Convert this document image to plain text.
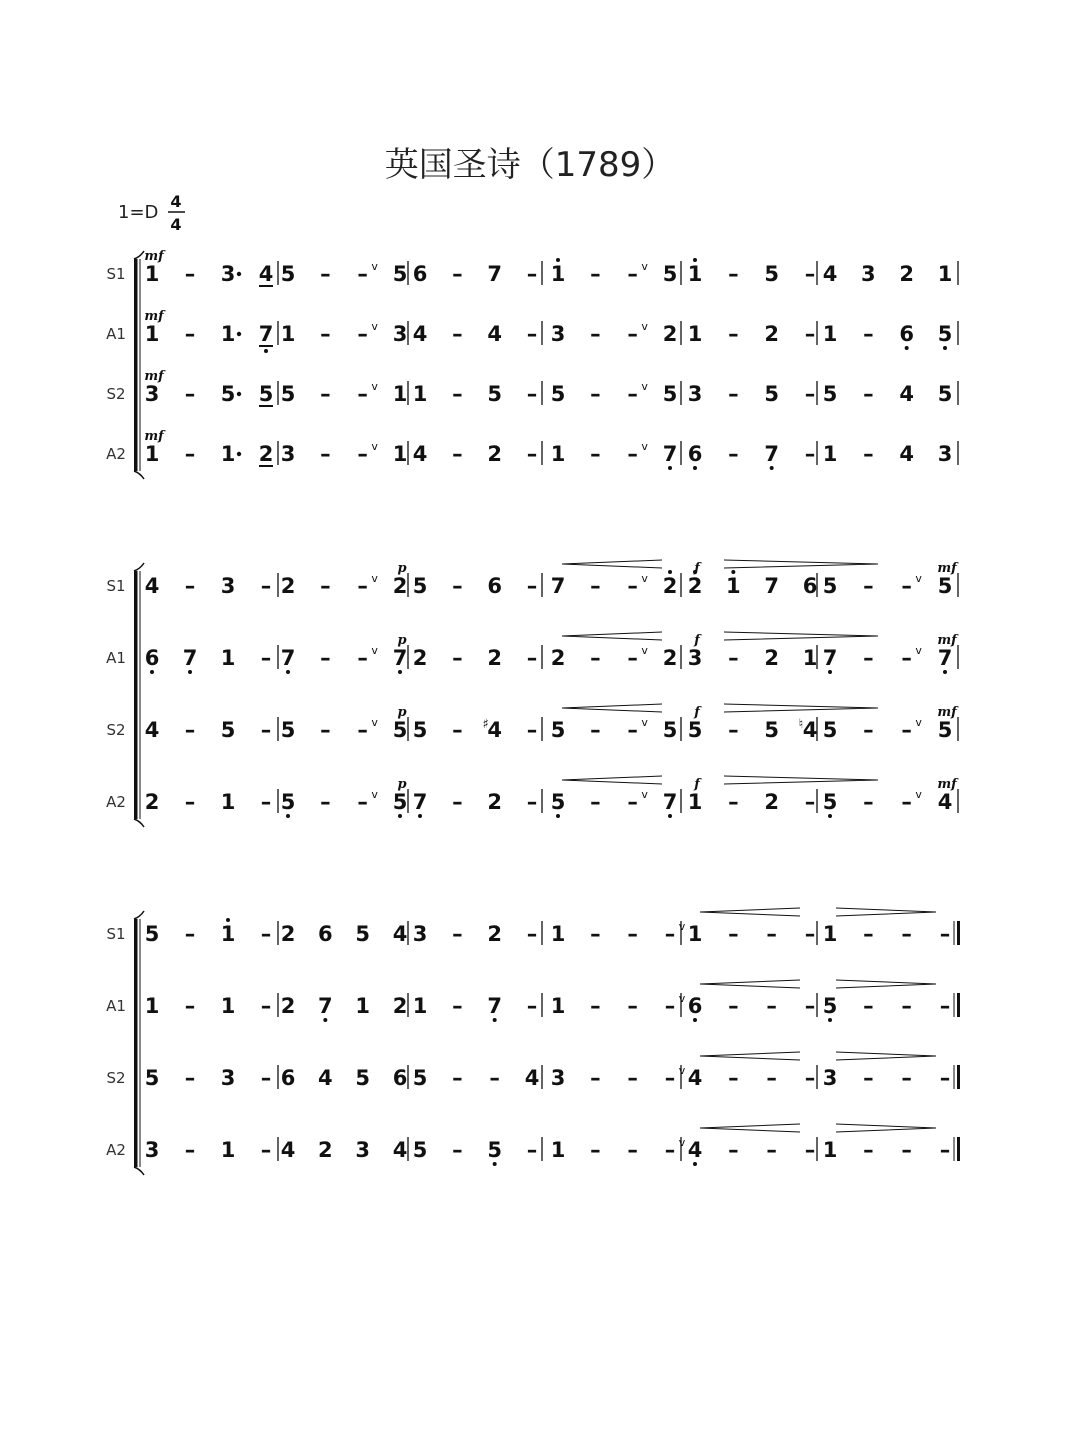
英国圣诗（1789）
1=D
4
4
S1 1
mf
– 3 4 5 – – v 5 6 – 7 – 1 – – v 5 1 – 5 – 4 3 2 1
A1 1
mf
– 1 7 1 – – v 3 4 – 4 – 3 – – v 2 1 – 2 – 1 – 6 5
S2 3
mf
– 5 5 5 – – v 1 1 – 5 – 5 – – v 5 3 – 5 – 5 – 4 5
A2 1
mf
– 1 2 3 – – v 1 4 – 2 – 1 – – v 7 6 – 7 – 1 – 4 3
S1 4 – 3 – 2 – – v 2
p
5 – 6 – 7 – – v 2 2
f
1 7 6 5 – – v 5
mf
A1 6 7 1 – 7 – – v 7
p
2 – 2 – 2 – – v 2 3
f
– 2 1 7 – – v 7
mf
S2 4 – 5 – 5 – – v 5
p
5 – 4
♯ – 5 – – v 5 5
f
– 5 4
♮ 5 – – v 5
mf
A2 2 – 1 – 5 – – v 5
p
7 – 2 – 5 – – v 7 1
f
– 2 – 5 – – v 4
mf
S1 5 – 1 – 2 6 5 4 3 – 2 – 1 – – – v 1 – – – 1 – – –
A1 1 – 1 – 2 7 1 2 1 – 7 – 1 – – – v 6 – – – 5 – – –
S2 5 – 3 – 6 4 5 6 5 – – 4 3 – – – v 4 – – – 3 – – –
A2 3 – 1 – 4 2 3 4 5 – 5 – 1 – – – v 4 – – – 1 – – –
